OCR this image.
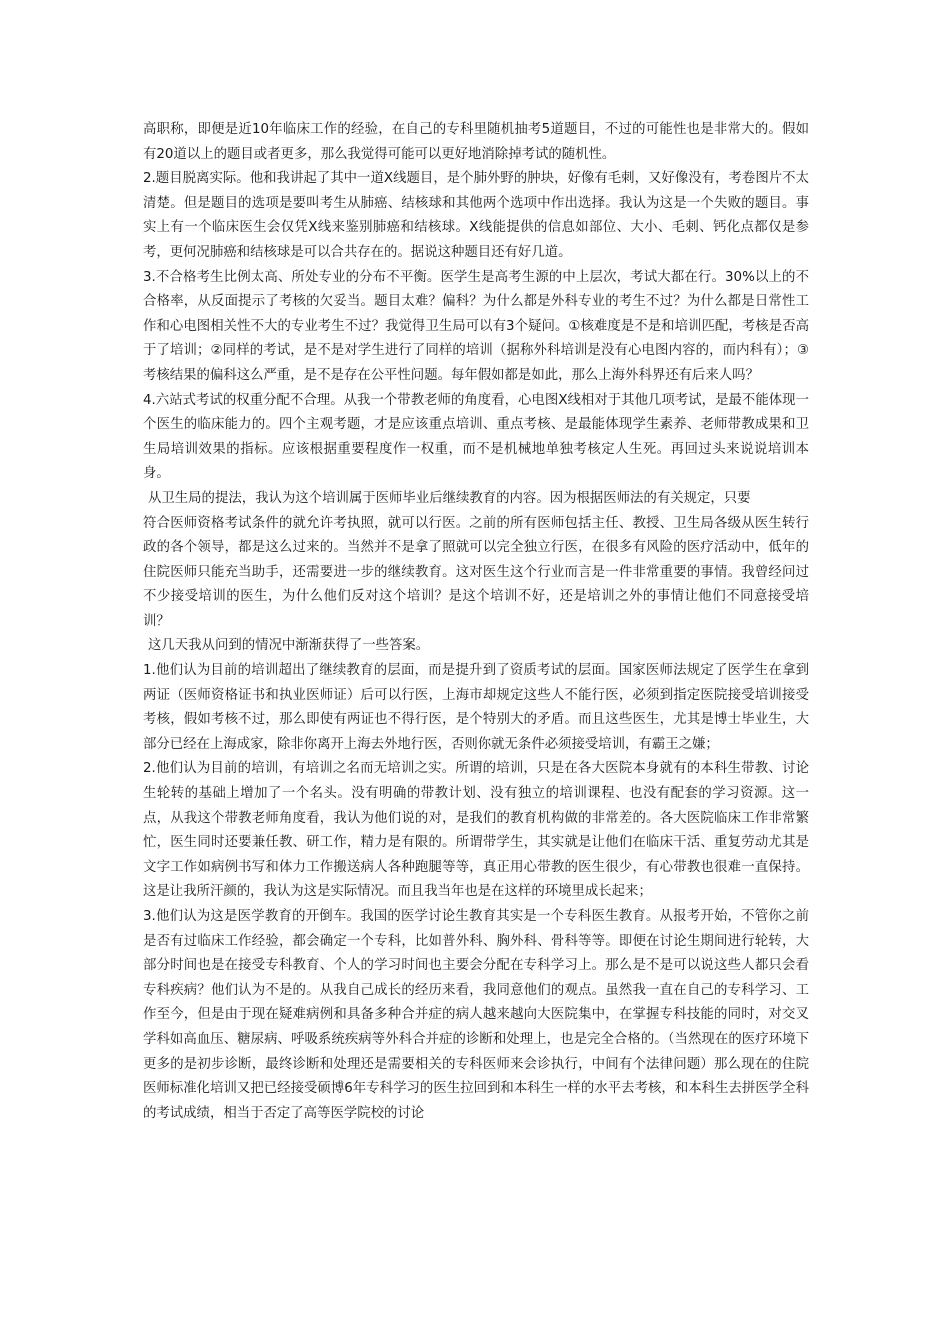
高职称，即便是近10年临床工作的经验，在自己的专科里随机抽考5道题目，不过的可能性也是非常大的。假如有20道以上的题目或者更多，那么我觉得可能可以更好地消除掉考试的随机性。

2.题目脱离实际。他和我讲起了其中一道X线题目，是个肺外野的肿块，好像有毛刺，又好像没有，考卷图片不太清楚。但是题目的选项是要叫考生从肺癌、结核球和其他两个选项中作出选择。我认为这是一个失败的题目。事实上有一个临床医生会仅凭X线来鉴别肺癌和结核球。X线能提供的信息如部位、大小、毛刺、钙化点都仅是参考，更何况肺癌和结核球是可以合共存在的。据说这种题目还有好几道。

3.不合格考生比例太高、所处专业的分布不平衡。医学生是高考生源的中上层次，考试大都在行。30%以上的不合格率，从反面提示了考核的欠妥当。题目太难？偏科？为什么都是外科专业的考生不过？为什么都是日常性工作和心电图相关性不大的专业考生不过？我觉得卫生局可以有3个疑问。①核难度是不是和培训匹配，考核是否高于了培训；②同样的考试，是不是对学生进行了同样的培训（据称外科培训是没有心电图内容的，而内科有）；③考核结果的偏科这么严重，是不是存在公平性问题。每年假如都是如此，那么上海外科界还有后来人吗？

4.六站式考试的权重分配不合理。从我一个带教老师的角度看，心电图X线相对于其他几项考试，是最不能体现一个医生的临床能力的。四个主观考题，才是应该重点培训、重点考核、是最能体现学生素养、老师带教成果和卫生局培训效果的指标。应该根据重要程度作一权重，而不是机械地单独考核定人生死。再回过头来说说培训本身。

从卫生局的提法，我认为这个培训属于医师毕业后继续教育的内容。因为根据医师法的有关规定，只要

符合医师资格考试条件的就允许考执照，就可以行医。之前的所有医师包括主任、教授、卫生局各级从医生转行政的各个领导，都是这么过来的。当然并不是拿了照就可以完全独立行医，在很多有风险的医疗活动中，低年的住院医师只能充当助手，还需要进一步的继续教育。这对医生这个行业而言是一件非常重要的事情。我曾经问过不少接受培训的医生，为什么他们反对这个培训？是这个培训不好，还是培训之外的事情让他们不同意接受培训？

这几天我从问到的情况中渐渐获得了一些答案。

1.他们认为目前的培训超出了继续教育的层面，而是提升到了资质考试的层面。国家医师法规定了医学生在拿到两证（医师资格证书和执业医师证）后可以行医，上海市却规定这些人不能行医，必须到指定医院接受培训接受考核，假如考核不过，那么即使有两证也不得行医，是个特别大的矛盾。而且这些医生，尤其是博士毕业生，大部分已经在上海成家，除非你离开上海去外地行医，否则你就无条件必须接受培训，有霸王之嫌；

2.他们认为目前的培训，有培训之名而无培训之实。所谓的培训，只是在各大医院本身就有的本科生带教、讨论生轮转的基础上增加了一个名头。没有明确的带教计划、没有独立的培训课程、也没有配套的学习资源。这一点，从我这个带教老师角度看，我认为他们说的对，是我们的教育机构做的非常差的。各大医院临床工作非常繁忙，医生同时还要兼任教、研工作，精力是有限的。所谓带学生，其实就是让他们在临床干活、重复劳动尤其是文字工作如病例书写和体力工作搬送病人各种跑腿等等，真正用心带教的医生很少，有心带教也很难一直保持。这是让我所汗颜的，我认为这是实际情况。而且我当年也是在这样的环境里成长起来；

3.他们认为这是医学教育的开倒车。我国的医学讨论生教育其实是一个专科医生教育。从报考开始，不管你之前是否有过临床工作经验，都会确定一个专科，比如普外科、胸外科、骨科等等。即便在讨论生期间进行轮转，大部分时间也是在接受专科教育、个人的学习时间也主要会分配在专科学习上。那么是不是可以说这些人都只会看专科疾病？他们认为不是的。从我自己成长的经历来看，我同意他们的观点。虽然我一直在自己的专科学习、工作至今，但是由于现在疑难病例和具备多种合并症的病人越来越向大医院集中，在掌握专科技能的同时，对交叉学科如高血压、糖尿病、呼吸系统疾病等外科合并症的诊断和处理上，也是完全合格的。（当然现在的医疗环境下更多的是初步诊断，最终诊断和处理还是需要相关的专科医师来会诊执行，中间有个法律问题）那么现在的住院医师标准化培训又把已经接受硕博6年专科学习的医生拉回到和本科生一样的水平去考核，和本科生去拼医学全科的考试成绩，相当于否定了高等医学院校的讨论
